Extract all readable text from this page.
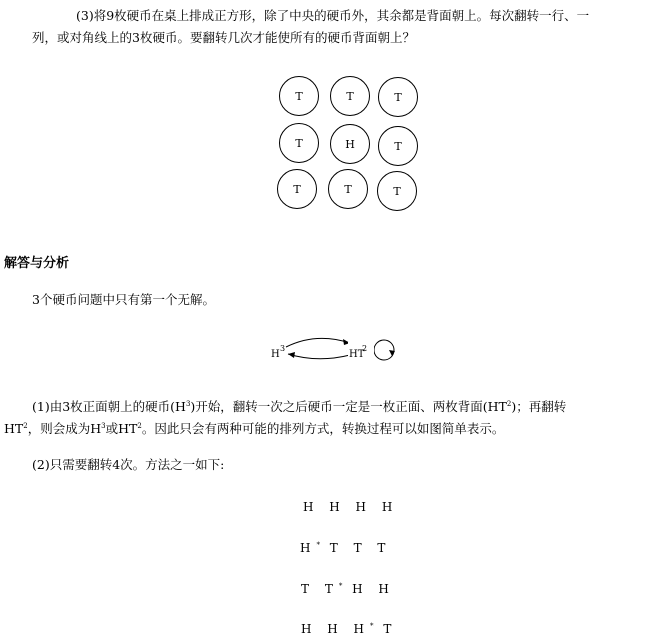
(3)将9枚硬币在桌上排成正方形，除了中央的硬币外，其余都是背面朝上。每次翻转一行、一
列，或对角线上的3枚硬币。要翻转几次才能使所有的硬币背面朝上？
T	T	T
T	H	T
T	T	T
解答与分析
3个硬币问题中只有第一个无解。
H
3
HT
2
(1)由3枚正面朝上的硬币$(H^3)$开始，翻转一次之后硬币一定是一枚正面、两枚背面$(HT^2)$；再翻转
$HT^2$，则会成为$H^3$或$HT^2$。因此只会有两种可能的排列方式，转换过程可以如图简单表示。
(2)只需要翻转4次。方法之一如下:
H H H H
H* T T T
T T* H H
H H H* T
